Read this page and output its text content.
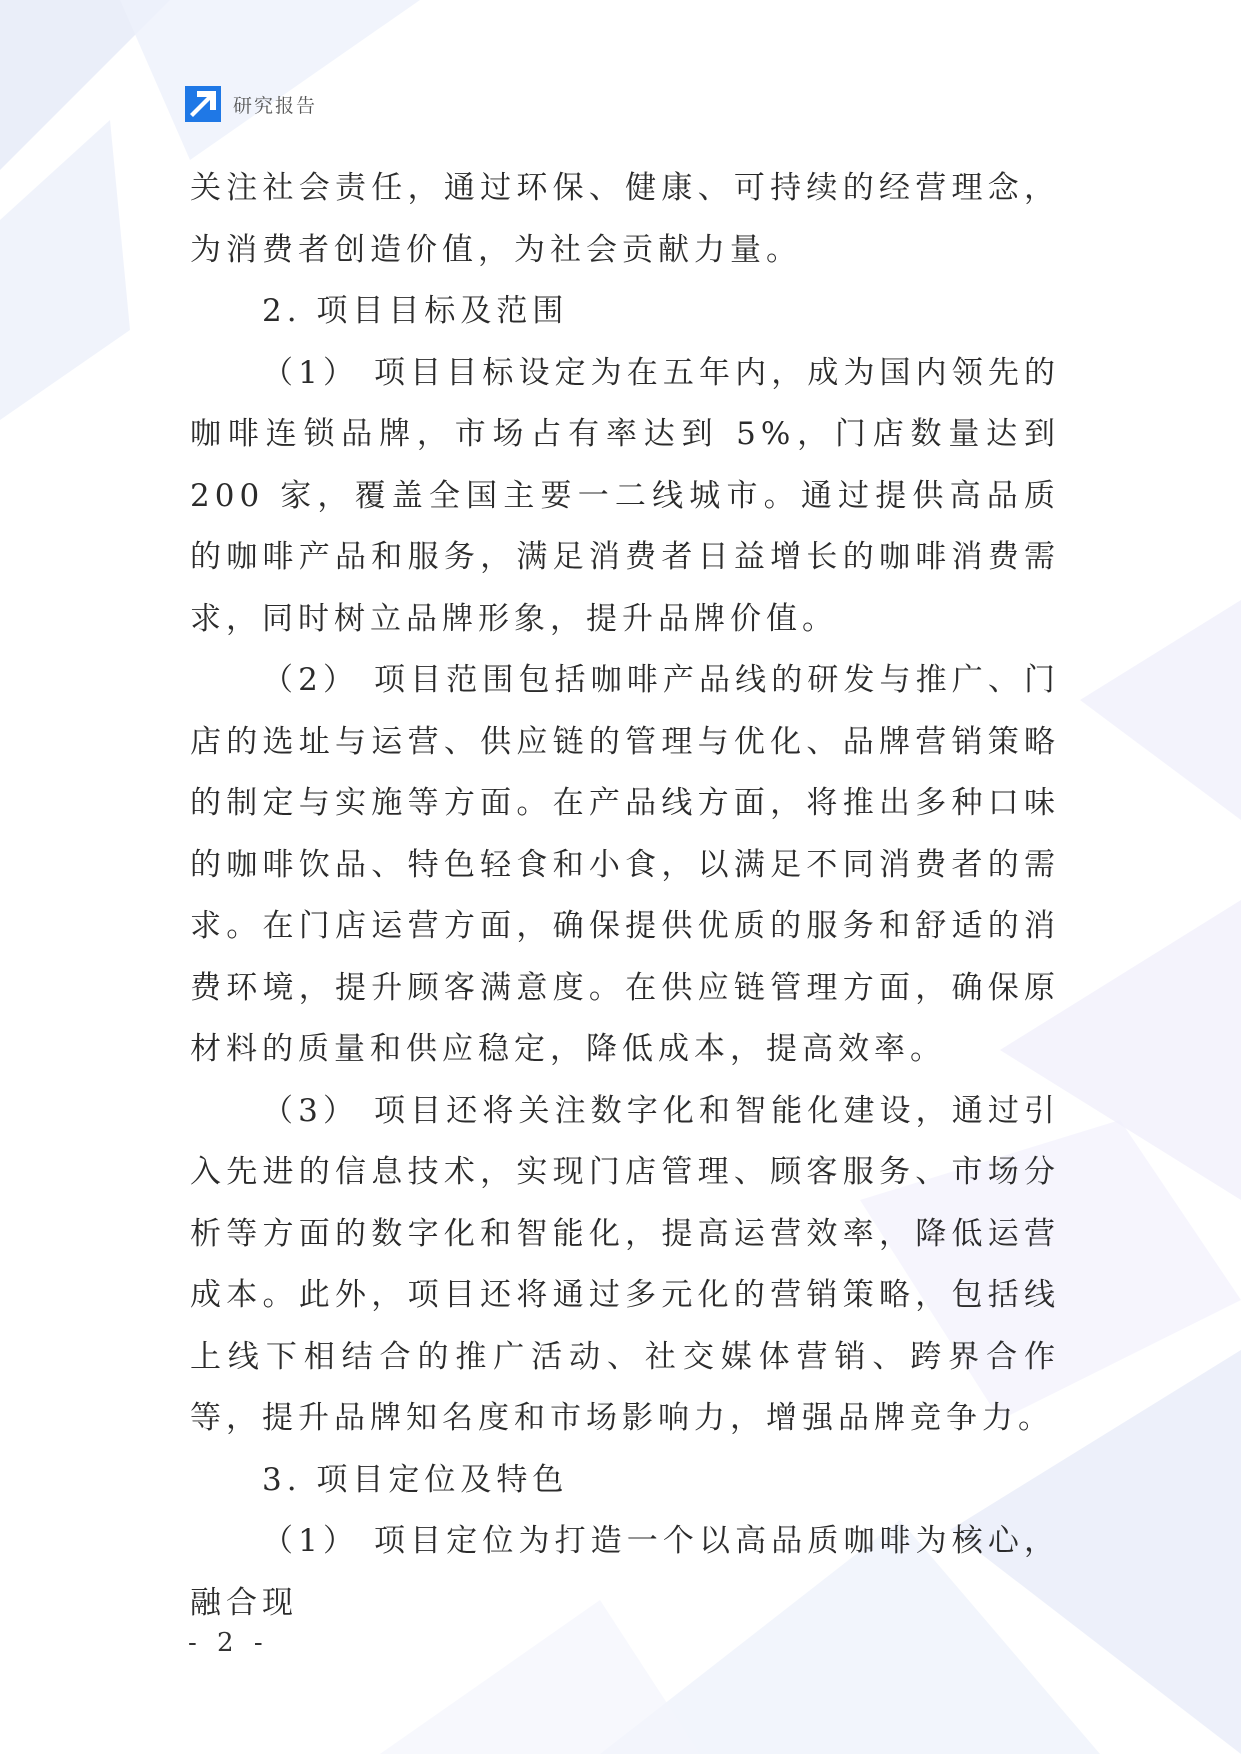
研究报告

关注社会责任，通过环保、健康、可持续的经营理念，为消费者创造价值，为社会贡献力量。

2. 项目目标及范围

（1） 项目目标设定为在五年内，成为国内领先的咖啡连锁品牌，市场占有率达到 5%，门店数量达到 200 家，覆盖全国主要一二线城市。通过提供高品质的咖啡产品和服务，满足消费者日益增长的咖啡消费需求，同时树立品牌形象，提升品牌价值。

（2） 项目范围包括咖啡产品线的研发与推广、门店的选址与运营、供应链的管理与优化、品牌营销策略的制定与实施等方面。在产品线方面，将推出多种口味的咖啡饮品、特色轻食和小食，以满足不同消费者的需求。在门店运营方面，确保提供优质的服务和舒适的消费环境，提升顾客满意度。在供应链管理方面，确保原材料的质量和供应稳定，降低成本，提高效率。

（3） 项目还将关注数字化和智能化建设，通过引入先进的信息技术，实现门店管理、顾客服务、市场分析等方面的数字化和智能化，提高运营效率，降低运营成本。此外，项目还将通过多元化的营销策略，包括线上线下相结合的推广活动、社交媒体营销、跨界合作等，提升品牌知名度和市场影响力，增强品牌竞争力。

3. 项目定位及特色

（1） 项目定位为打造一个以高品质咖啡为核心，融合现

- 2 -
